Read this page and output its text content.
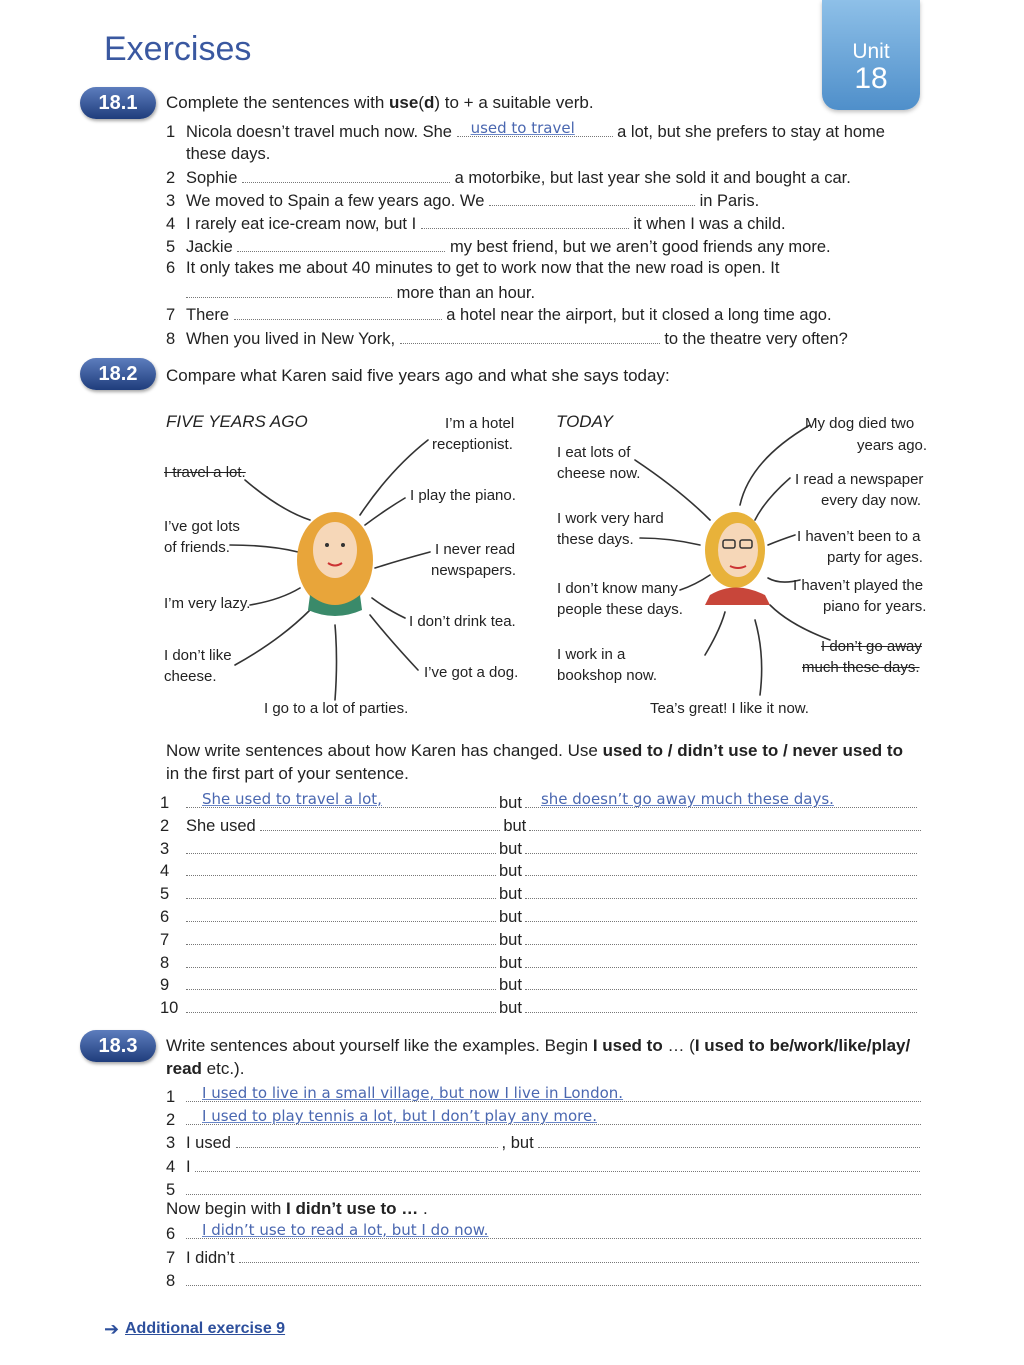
Exercises	Unit
18
18.1	Complete the sentences with use(d) to + a suitable verb.
1 Nicola doesn’t travel much now. She used to travel	a lot, but she prefers to stay at home
these days.
2 Sophie	a motorbike, but last year she sold it and bought a car.
3 We moved to Spain a few years ago. We	in Paris.
4 I rarely eat ice-cream now, but I	it when I was a child.
5 Jackie	my best friend, but we aren’t good friends any more.
6 It only takes me about 40 minutes to get to work now that the new road is open. It
more than an hour.
7 There	a hotel near the airport, but it closed a long time ago.
8 When you lived in New York,	to the theatre very often?
18.2	Compare what Karen said five years ago and what she says today:
FIVE YEARS AGO
I travel a lot.
I’ve got lots
of friends.
I’m very lazy.
I don’t like
cheese.
I go to a lot of parties.
I’m a hotel
receptionist.
I play the piano.
I never read
newspapers.
I don’t drink tea.
I’ve got a dog.
TODAY
I eat lots of
cheese now.
I work very hard
these days.
I don’t know many
people these days.
I work in a
bookshop now.
Tea’s great! I like it now.
My dog died two
years ago.
I read a newspaper
every day now.
I haven’t been to a
party for ages.
I haven’t played the
piano for years.
I don’t go away
much these days.
Now write sentences about how Karen has changed. Use used to / didn’t use to / never used to
in the first part of your sentence.
1 She used to travel a lot,	but she doesn’t go away much these days.
2 She used	but
3	but
4	but
5	but
6	but
7	but
8	but
9	but
10	but
18.3	Write sentences about yourself like the examples. Begin I used to … (I used to be/work/like/play/
read etc.).
1 I used to live in a small village, but now I live in London.
2 I used to play tennis a lot, but I don’t play any more.
3 I used	, but
4 I
5
Now begin with I didn’t use to … .
6 I didn’t use to read a lot, but I do now.
7 I didn’t
8
➔ Additional exercise 9
